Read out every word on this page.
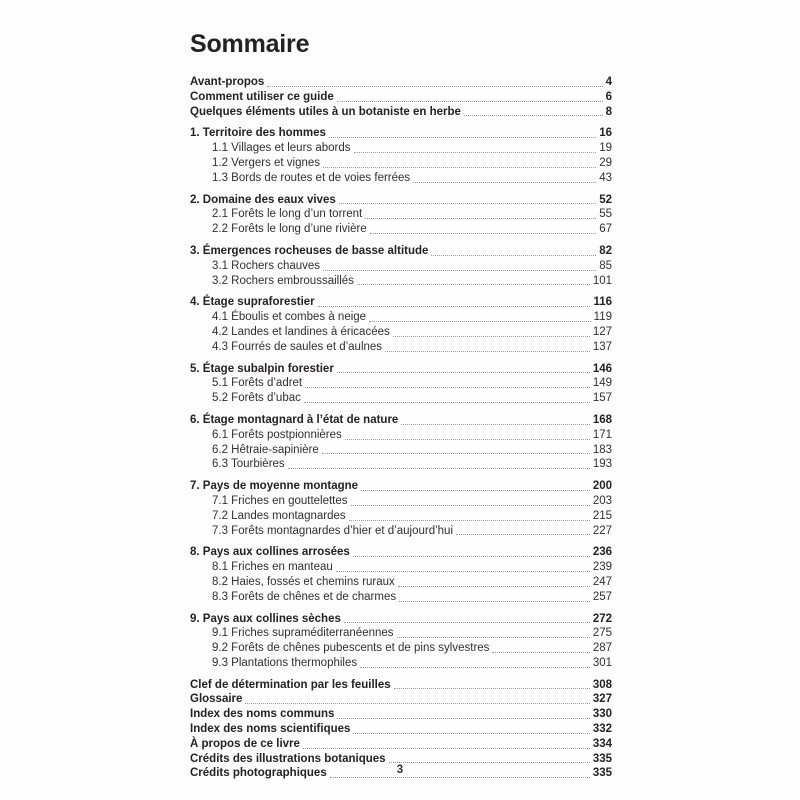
Sommaire
Avant-propos	4
Comment utiliser ce guide	6
Quelques éléments utiles à un botaniste en herbe	8
1. Territoire des hommes	16
1.1 Villages et leurs abords	19
1.2 Vergers et vignes	29
1.3 Bords de routes et de voies ferrées	43
2. Domaine des eaux vives	52
2.1 Forêts le long d’un torrent	55
2.2 Forêts le long d’une rivière	67
3. Émergences rocheuses de basse altitude	82
3.1 Rochers chauves	85
3.2 Rochers embroussaillés	101
4. Étage supraforestier	116
4.1 Éboulis et combes à neige	119
4.2 Landes et landines à éricacées	127
4.3 Fourrés de saules et d’aulnes	137
5. Étage subalpin forestier	146
5.1 Forêts d’adret	149
5.2 Forêts d’ubac	157
6. Étage montagnard à l’état de nature	168
6.1 Forêts postpionnières	171
6.2 Hêtraie-sapinière	183
6.3 Tourbières	193
7. Pays de moyenne montagne	200
7.1 Friches en gouttelettes	203
7.2 Landes montagnardes	215
7.3 Forêts montagnardes d’hier et d’aujourd’hui	227
8. Pays aux collines arrosées	236
8.1 Friches en manteau	239
8.2 Haies, fossés et chemins ruraux	247
8.3 Forêts de chênes et de charmes	257
9. Pays aux collines sèches	272
9.1 Friches supraméditerranéennes	275
9.2 Forêts de chênes pubescents et de pins sylvestres	287
9.3 Plantations thermophiles	301
Clef de détermination par les feuilles	308
Glossaire	327
Index des noms communs	330
Index des noms scientifiques	332
À propos de ce livre	334
Crédits des illustrations botaniques	335
Crédits photographiques	335
3
